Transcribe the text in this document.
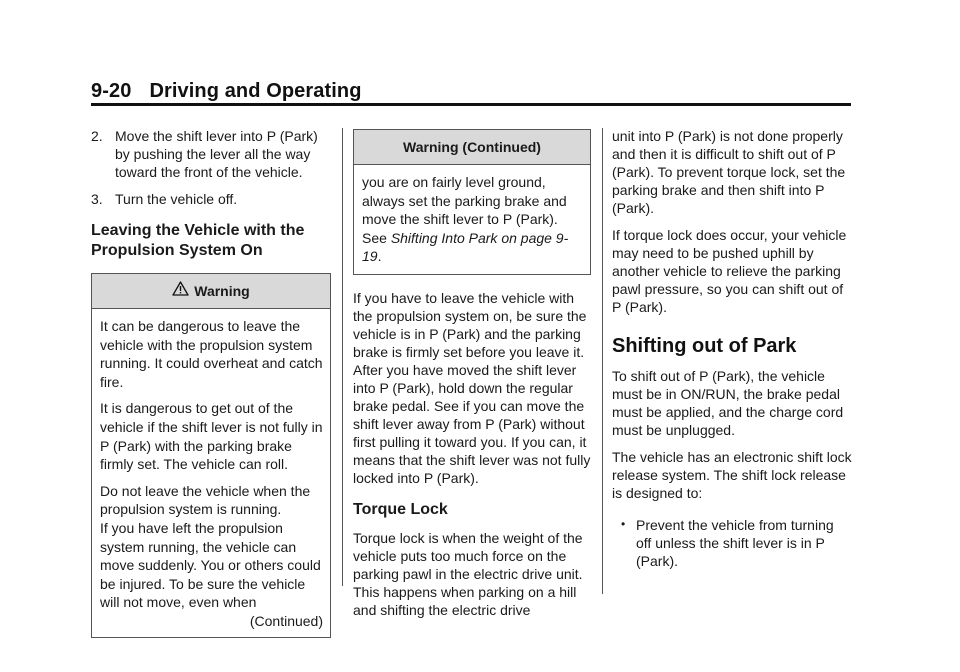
9-20 Driving and Operating
2. Move the shift lever into P (Park) by pushing the lever all the way toward the front of the vehicle.
3. Turn the vehicle off.
Leaving the Vehicle with the Propulsion System On
Warning

It can be dangerous to leave the vehicle with the propulsion system running. It could overheat and catch fire.

It is dangerous to get out of the vehicle if the shift lever is not fully in P (Park) with the parking brake firmly set. The vehicle can roll.

Do not leave the vehicle when the propulsion system is running.

If you have left the propulsion system running, the vehicle can move suddenly. You or others could be injured. To be sure the vehicle will not move, even when

(Continued)
Warning (Continued)

you are on fairly level ground, always set the parking brake and move the shift lever to P (Park). See Shifting Into Park on page 9-19.

If you have to leave the vehicle with the propulsion system on, be sure the vehicle is in P (Park) and the parking brake is firmly set before you leave it. After you have moved the shift lever into P (Park), hold down the regular brake pedal. See if you can move the shift lever away from P (Park) without first pulling it toward you. If you can, it means that the shift lever was not fully locked into P (Park).

Torque Lock

Torque lock is when the weight of the vehicle puts too much force on the parking pawl in the electric drive unit. This happens when parking on a hill and shifting the electric drive

unit into P (Park) is not done properly and then it is difficult to shift out of P (Park). To prevent torque lock, set the parking brake and then shift into P (Park).

If torque lock does occur, your vehicle may need to be pushed uphill by another vehicle to relieve the parking pawl pressure, so you can shift out of P (Park).

Shifting out of Park

To shift out of P (Park), the vehicle must be in ON/RUN, the brake pedal must be applied, and the charge cord must be unplugged.

The vehicle has an electronic shift lock release system. The shift lock release is designed to:

• Prevent the vehicle from turning off unless the shift lever is in P (Park).
